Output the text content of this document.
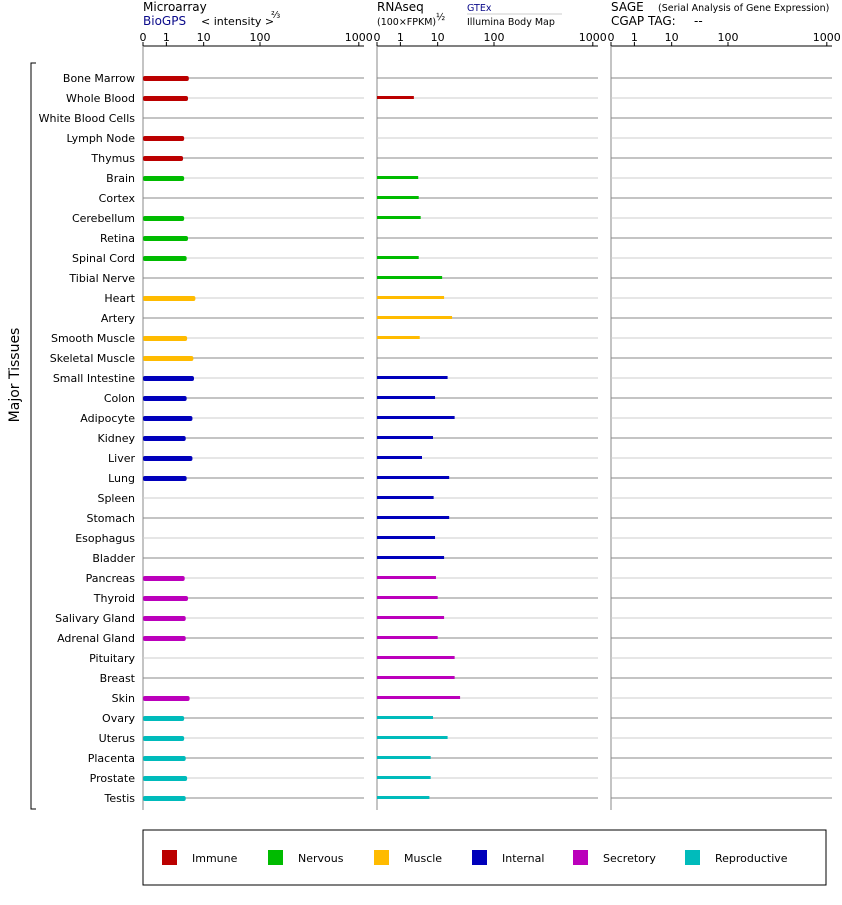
Microarray
BioGPS < intensity >
⅔
RNAseq
(100×FPKM) ½
GTEx
Illumina Body Map
SAGE (Serial Analysis of Gene Expression)
CGAP TAG: --
Major Tissues
Bone Marrow
Whole Blood
White Blood Cells
Lymph Node
Thymus
Brain
Cortex
Cerebellum
Retina
Spinal Cord
Tibial Nerve
Heart
Artery
Smooth Muscle
Skeletal Muscle
Small Intestine
Colon
Adipocyte
Kidney
Liver
Lung
Spleen
Stomach
Esophagus
Bladder
Pancreas
Thyroid
Salivary Gland
Adrenal Gland
Pituitary
Breast
Skin
Ovary
Uterus
Placenta
Prostate
Testis
0 1 10	100	1000 0 1 10	100	1000 0 1 10	100	1000
Immune	Nervous	Muscle	Internal	Secretory	Reproductive
